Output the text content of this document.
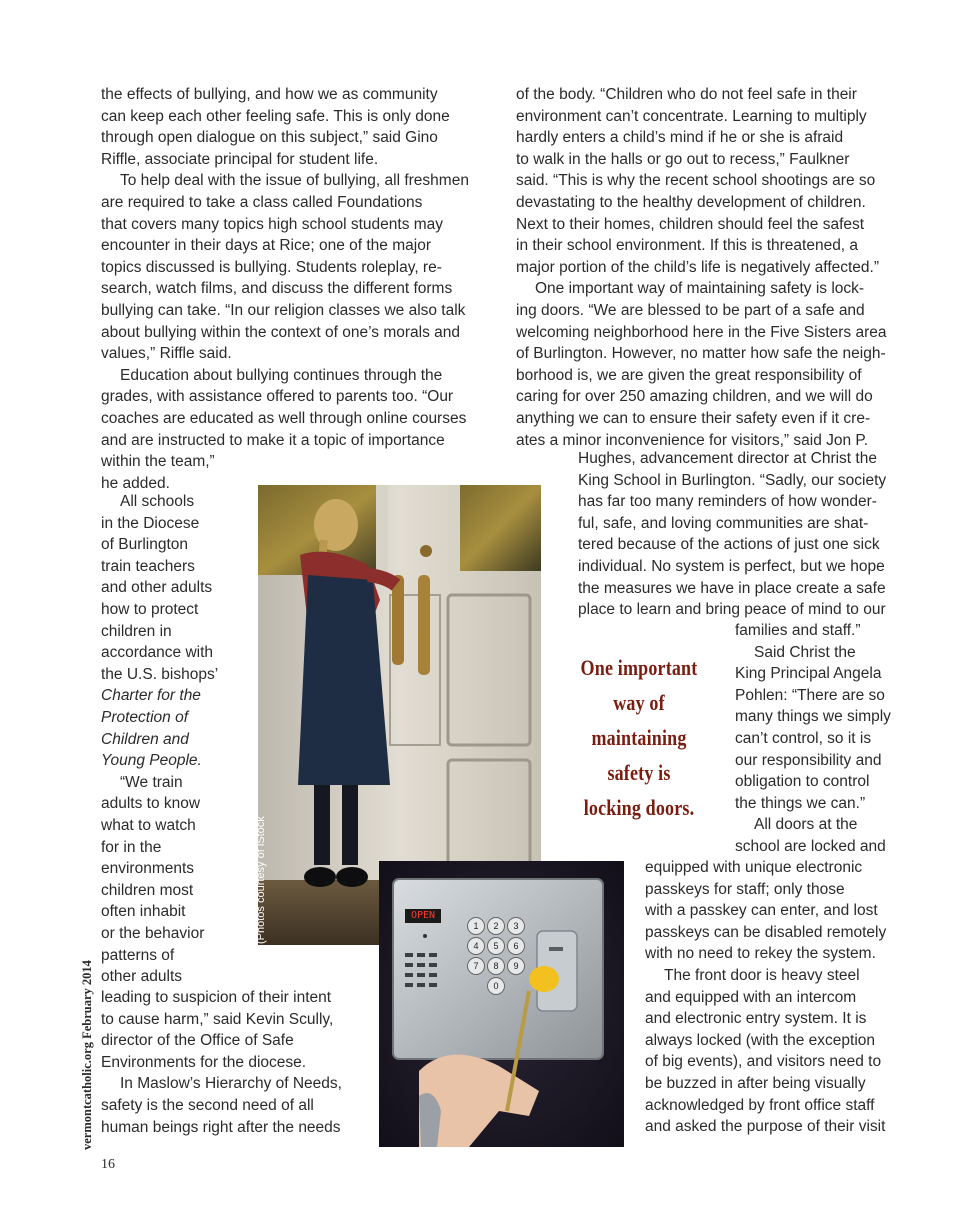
the effects of bullying, and how we as community
can keep each other feeling safe. This is only done
through open dialogue on this subject,” said Gino
Riffle, associate principal for student life.
To help deal with the issue of bullying, all freshmen
are required to take a class called Foundations
that covers many topics high school students may
encounter in their days at Rice; one of the major
topics discussed is bullying. Students roleplay, re-
search, watch films, and discuss the different forms
bullying can take. “In our religion classes we also talk
about bullying within the context of one’s morals and
values,” Riffle said.
Education about bullying continues through the
grades, with assistance offered to parents too. “Our
coaches are educated as well through online courses
and are instructed to make it a topic of importance
within the team,”
he added.
All schools
in the Diocese
of Burlington
train teachers
and other adults
how to protect
children in
accordance with
the U.S. bishops’
Charter for the
Protection of
Children and
Young People.
“We train
adults to know
what to watch
for in the
environments
children most
often inhabit
or the behavior
patterns of
other adults
leading to suspicion of their intent
to cause harm,” said Kevin Scully,
director of the Office of Safe
Environments for the diocese.
In Maslow’s Hierarchy of Needs,
safety is the second need of all
human beings right after the needs
of the body. “Children who do not feel safe in their
environment can’t concentrate. Learning to multiply
hardly enters a child’s mind if he or she is afraid
to walk in the halls or go out to recess,” Faulkner
said. “This is why the recent school shootings are so
devastating to the healthy development of children.
Next to their homes, children should feel the safest
in their school environment. If this is threatened, a
major portion of the child’s life is negatively affected.”
One important way of maintaining safety is lock-
ing doors. “We are blessed to be part of a safe and
welcoming neighborhood here in the Five Sisters area
of Burlington. However, no matter how safe the neigh-
borhood is, we are given the great responsibility of
caring for over 250 amazing children, and we will do
anything we can to ensure their safety even if it cre-
ates a minor inconvenience for visitors,” said Jon P.
Hughes, advancement director at Christ the
King School in Burlington. “Sadly, our society
has far too many reminders of how wonder-
ful, safe, and loving communities are shat-
tered because of the actions of just one sick
individual. No system is perfect, but we hope
the measures we have in place create a safe
place to learn and bring peace of mind to our
families and staff.”
Said Christ the
King Principal Angela
Pohlen: “There are so
many things we simply
can’t control, so it is
our responsibility and
obligation to control
the things we can.”
All doors at the
school are locked and
equipped with unique electronic
passkeys for staff; only those
with a passkey can enter, and lost
passkeys can be disabled remotely
with no need to rekey the system.
The front door is heavy steel
and equipped with an intercom
and electronic entry system. It is
always locked (with the exception
of big events), and visitors need to
be buzzed in after being visually
acknowledged by front office staff
and asked the purpose of their visit
One important
way of
maintaining
safety is
locking doors.
(Photos courtesy of iStock	OPEN
1	2	3
4	5	6
7	8	9
0
vermontcatholic.org February 2014
16
